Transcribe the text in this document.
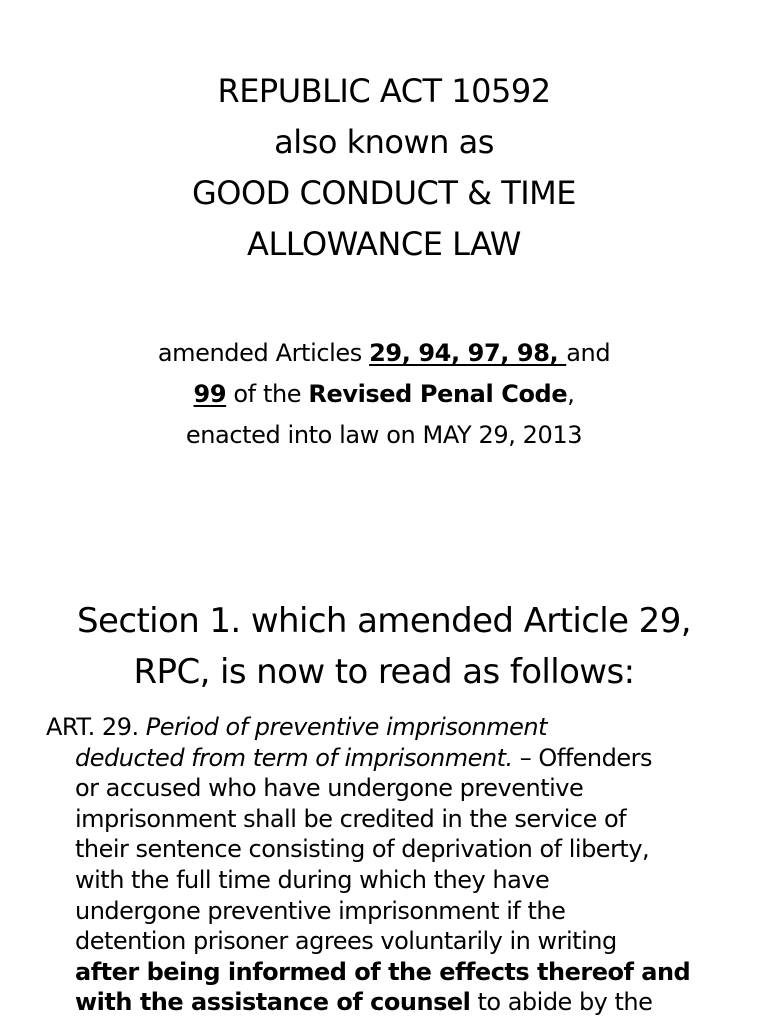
REPUBLIC ACT 10592
also known as
GOOD CONDUCT & TIME
ALLOWANCE LAW
amended Articles 29, 94, 97, 98, and
99 of the Revised Penal Code,
enacted into law on MAY 29, 2013
Section 1. which amended Article 29,
RPC, is now to read as follows:
ART. 29. Period of preventive imprisonment
deducted from term of imprisonment. – Offenders
or accused who have undergone preventive
imprisonment shall be credited in the service of
their sentence consisting of deprivation of liberty,
with the full time during which they have
undergone preventive imprisonment if the
detention prisoner agrees voluntarily in writing
after being informed of the effects thereof and
with the assistance of counsel to abide by the
